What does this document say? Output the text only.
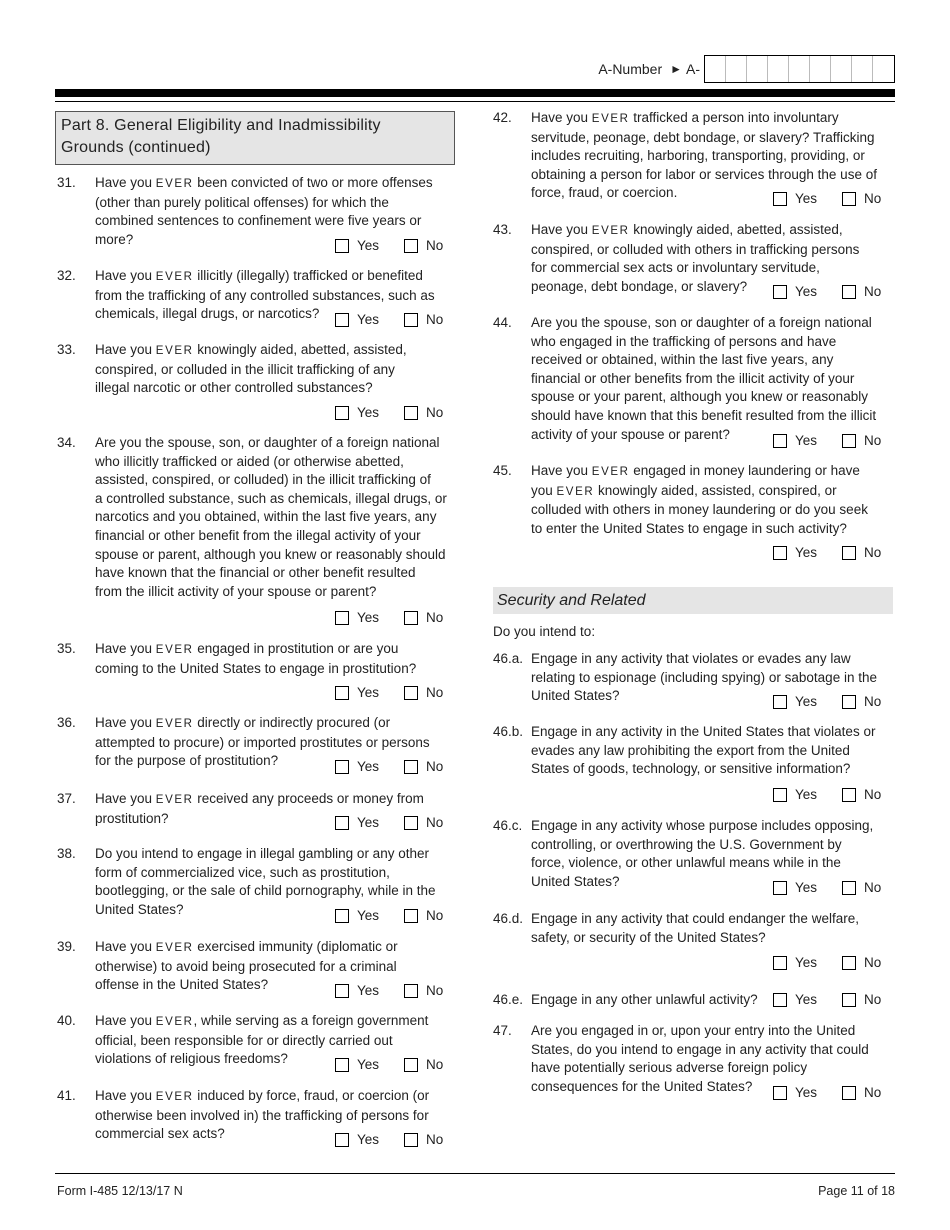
A-Number ► A-
Part 8. General Eligibility and Inadmissibility
Grounds (continued)
31. Have you EVER been convicted of two or more offenses
(other than purely political offenses) for which the
combined sentences to confinement were five years or
more?	Yes	No
32. Have you EVER illicitly (illegally) trafficked or benefited
from the trafficking of any controlled substances, such as
chemicals, illegal drugs, or narcotics?	Yes	No
33. Have you EVER knowingly aided, abetted, assisted,
conspired, or colluded in the illicit trafficking of any
illegal narcotic or other controlled substances?
Yes	No
34. Are you the spouse, son, or daughter of a foreign national
who illicitly trafficked or aided (or otherwise abetted,
assisted, conspired, or colluded) in the illicit trafficking of
a controlled substance, such as chemicals, illegal drugs, or
narcotics and you obtained, within the last five years, any
financial or other benefit from the illegal activity of your
spouse or parent, although you knew or reasonably should
have known that the financial or other benefit resulted
from the illicit activity of your spouse or parent?
Yes	No
35. Have you EVER engaged in prostitution or are you
coming to the United States to engage in prostitution?
Yes	No
36. Have you EVER directly or indirectly procured (or
attempted to procure) or imported prostitutes or persons
for the purpose of prostitution?	Yes	No
37. Have you EVER received any proceeds or money from
prostitution?	Yes	No
38. Do you intend to engage in illegal gambling or any other
form of commercialized vice, such as prostitution,
bootlegging, or the sale of child pornography, while in the
United States?	Yes	No
39. Have you EVER exercised immunity (diplomatic or
otherwise) to avoid being prosecuted for a criminal
offense in the United States?	Yes	No
40. Have you EVER, while serving as a foreign government
official, been responsible for or directly carried out
violations of religious freedoms?	Yes	No
41. Have you EVER induced by force, fraud, or coercion (or
otherwise been involved in) the trafficking of persons for
commercial sex acts?	Yes	No
42. Have you EVER trafficked a person into involuntary
servitude, peonage, debt bondage, or slavery? Trafficking
includes recruiting, harboring, transporting, providing, or
obtaining a person for labor or services through the use of
force, fraud, or coercion.	Yes	No
43. Have you EVER knowingly aided, abetted, assisted,
conspired, or colluded with others in trafficking persons
for commercial sex acts or involuntary servitude,
peonage, debt bondage, or slavery?	Yes	No
44. Are you the spouse, son or daughter of a foreign national
who engaged in the trafficking of persons and have
received or obtained, within the last five years, any
financial or other benefits from the illicit activity of your
spouse or your parent, although you knew or reasonably
should have known that this benefit resulted from the illicit
activity of your spouse or parent?	Yes	No
45. Have you EVER engaged in money laundering or have
you EVER knowingly aided, assisted, conspired, or
colluded with others in money laundering or do you seek
to enter the United States to engage in such activity?
Yes	No
46.a. Engage in any activity that violates or evades any law
relating to espionage (including spying) or sabotage in the
United States?	Yes	No
46.b. Engage in any activity in the United States that violates or
evades any law prohibiting the export from the United
States of goods, technology, or sensitive information?
Yes	No
46.c. Engage in any activity whose purpose includes opposing,
controlling, or overthrowing the U.S. Government by
force, violence, or other unlawful means while in the
United States?	Yes	No
46.d. Engage in any activity that could endanger the welfare,
safety, or security of the United States?
Yes	No
46.e. Engage in any other unlawful activity?	Yes	No
47. Are you engaged in or, upon your entry into the United
States, do you intend to engage in any activity that could
have potentially serious adverse foreign policy
consequences for the United States?	Yes	No
Security and Related
Do you intend to:
Form I-485 12/13/17 N	Page 11 of 18
